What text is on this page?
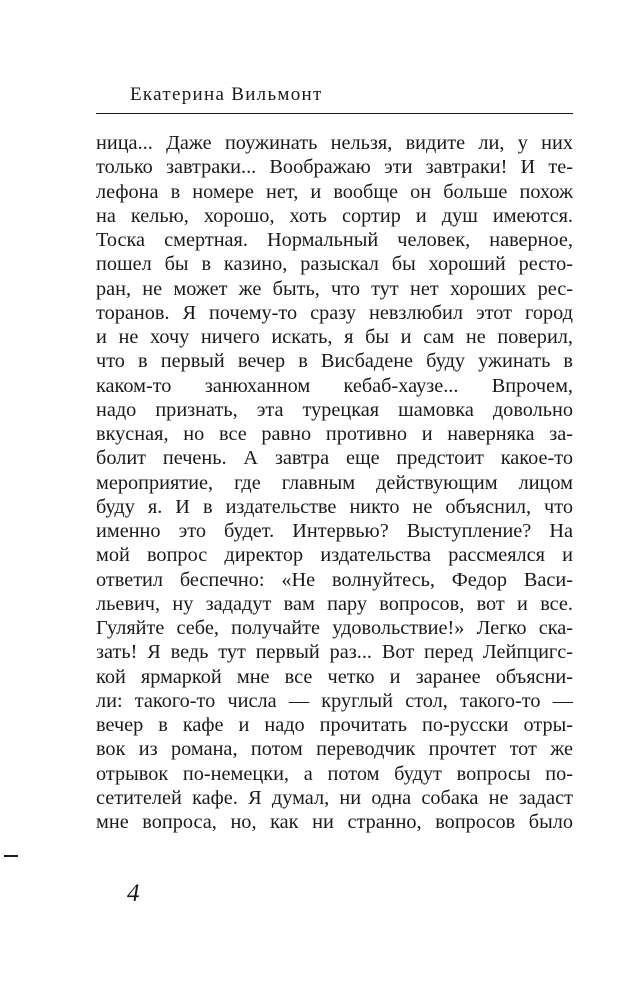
Екатерина Вильмонт
ница... Даже поужинать нельзя, видите ли, у них
только завтраки... Воображаю эти завтраки! И те-
лефона в номере нет, и вообще он больше похож
на келью, хорошо, хоть сортир и душ имеются.
Тоска смертная. Нормальный человек, наверное,
пошел бы в казино, разыскал бы хороший рестo-
ран, не может же быть, что тут нет хороших рес-
торанов. Я почему-то сразу невзлюбил этот город
и не хочу ничего искать, я бы и сам не поверил,
что в первый вечер в Висбадене буду ужинать в
каком-то занюханном кебаб-хаузе... Впрочем,
надо признать, эта турецкая шамовка довольно
вкусная, но все равно противно и наверняка за-
болит печень. А завтра еще предстоит какое-то
мероприятие, где главным действующим лицом
буду я. И в издательстве никто не объяснил, что
именно это будет. Интервью? Выступление? На
мой вопрос директор издательства рассмеялся и
ответил беспечно: «Не волнуйтесь, Федор Васи-
льевич, ну зададут вам пару вопросов, вот и все.
Гуляйте себе, получайте удовольствие!» Легко ска-
зать! Я ведь тут первый раз... Вот перед Лейпцигс-
кой ярмаркой мне все четко и заранее объясни-
ли: такого-то числа — круглый стол, такого-то —
вечер в кафе и надо прочитать по-русски отры-
вок из романа, потом переводчик прочтет тот же
отрывок по-немецки, а потом будут вопросы по-
сетителей кафе. Я думал, ни одна собака не задаст
мне вопроса, но, как ни странно, вопросов было
4
